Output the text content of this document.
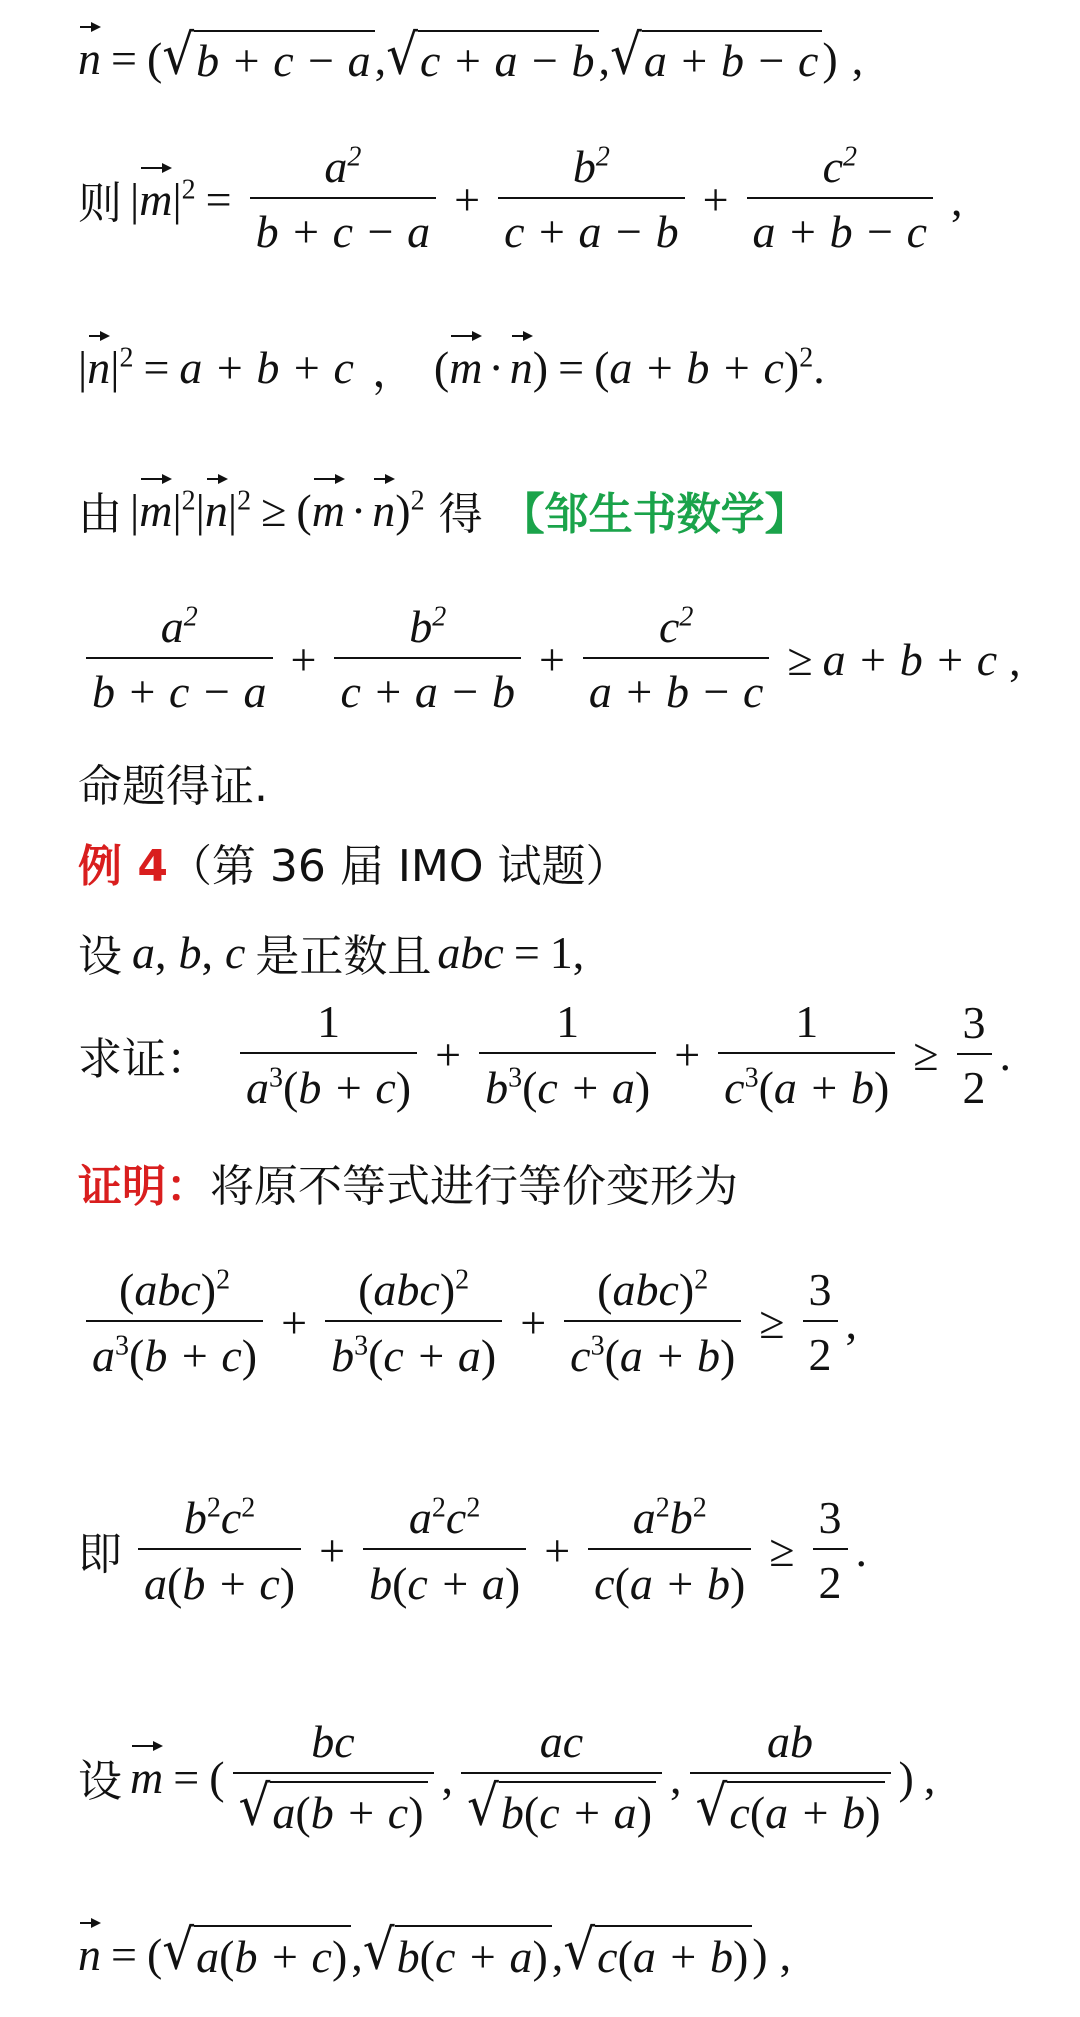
n = ( √ b + c − a , √ c + a − b , √ a + b − c ) ,
则 | m $|^2 = \frac{a^2}{b + c - a} + \frac{b^2}{c + a - b} + \frac{c^2}{a + b - c}$ ,
| n $|^2 = a + b + c$ ， ( m · n ) = ( a + b + c )$^2$.
由 | m $|^2|$ n $|^2$ ≥ ( m · n )$^2$ 得 【邹生书数学】
$\frac{a^2}{b + c - a} + \frac{b^2}{c + a - b} + \frac{c^2}{a + b - c} \ge a + b + c$ ,
命题得证.
例 4 （第 36 届 IMO 试题）
设 a , b , c 是正数且 abc = 1,
求证： $\frac{1}{a^3(b + c)} + \frac{1}{b^3(c + a)} + \frac{1}{c^3(a + b)} \ge \frac{3}{2}$ .
证明： 将原不等式进行等价变形为
$\frac{(abc)^2}{a^3(b + c)} + \frac{(abc)^2}{b^3(c + a)} + \frac{(abc)^2}{c^3(a + b)} \ge \frac{3}{2}$ ,
即 $\frac{b^2c^2}{a(b + c)} + \frac{a^2c^2}{b(c + a)} + \frac{a^2b^2}{c(a + b)} \ge \frac{3}{2}$ .
设 m = ( $\frac{bc}{√ a(b + c)}$ , $\frac{ac}{√ b(c + a)}$ , $\frac{ab}{√ c(a + b)}$ ) ,
n = ( √ a(b + c) , √ b(c + a) , √ c(a + b) ) ,
